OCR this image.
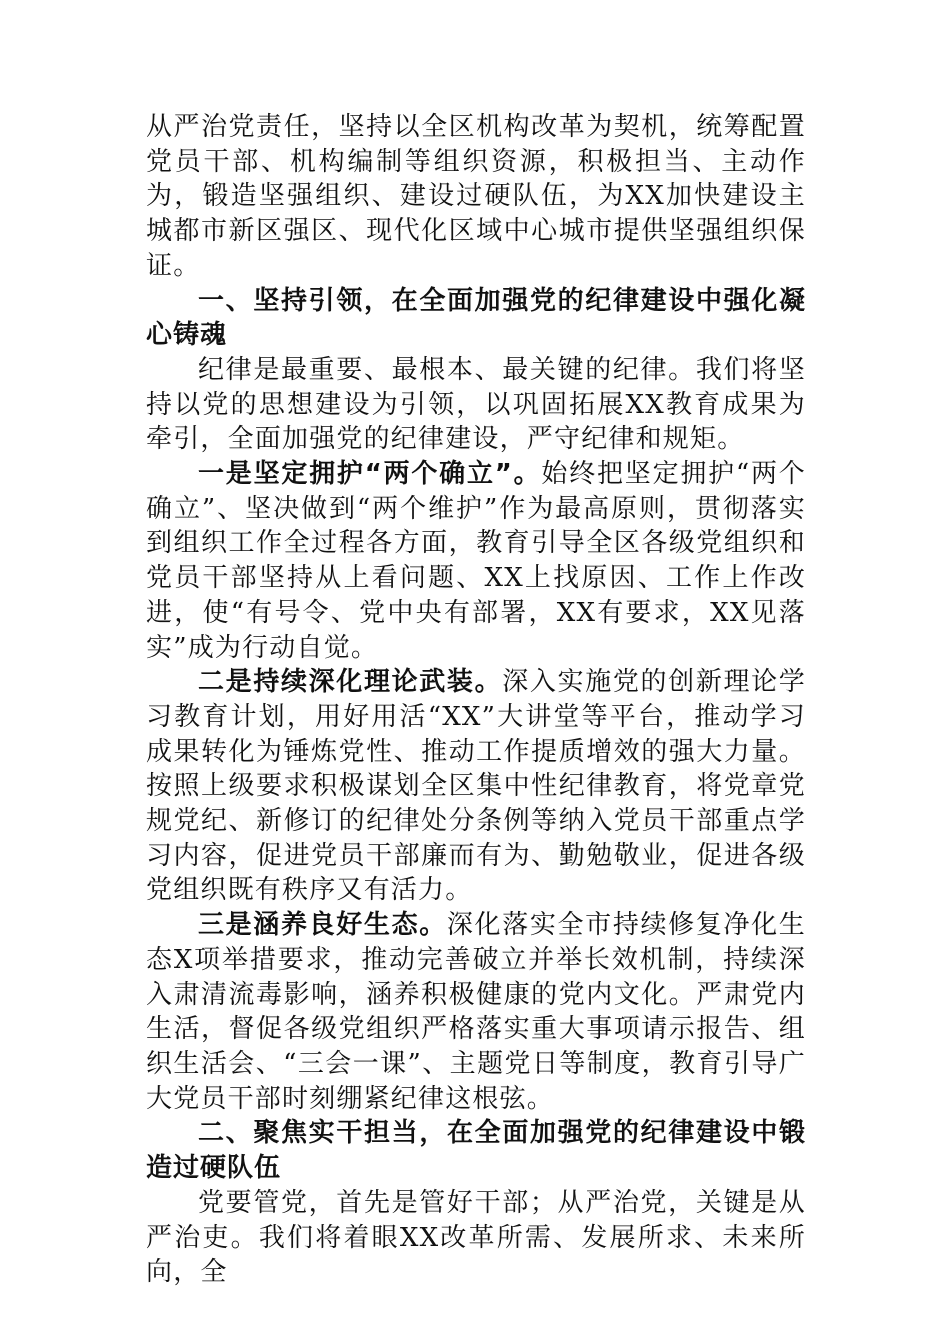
从严治党责任，坚持以全区机构改革为契机，统筹配置党员干部、机构编制等组织资源，积极担当、主动作为，锻造坚强组织、建设过硬队伍，为XX加快建设主城都市新区强区、现代化区域中心城市提供坚强组织保证。

一、坚持引领，在全面加强党的纪律建设中强化凝心铸魂

纪律是最重要、最根本、最关键的纪律。我们将坚持以党的思想建设为引领，以巩固拓展XX教育成果为牵引，全面加强党的纪律建设，严守纪律和规矩。

一是坚定拥护“两个确立”。始终把坚定拥护“两个确立”、坚决做到“两个维护”作为最高原则，贯彻落实到组织工作全过程各方面，教育引导全区各级党组织和党员干部坚持从上看问题、XX上找原因、工作上作改进，使“有号令、党中央有部署，XX有要求，XX见落实”成为行动自觉。

二是持续深化理论武装。深入实施党的创新理论学习教育计划，用好用活“XX”大讲堂等平台，推动学习成果转化为锤炼党性、推动工作提质增效的强大力量。按照上级要求积极谋划全区集中性纪律教育，将党章党规党纪、新修订的纪律处分条例等纳入党员干部重点学习内容，促进党员干部廉而有为、勤勉敬业，促进各级党组织既有秩序又有活力。

三是涵养良好生态。深化落实全市持续修复净化生态X项举措要求，推动完善破立并举长效机制，持续深入肃清流毒影响，涵养积极健康的党内文化。严肃党内生活，督促各级党组织严格落实重大事项请示报告、组织生活会、“三会一课”、主题党日等制度，教育引导广大党员干部时刻绷紧纪律这根弦。

二、聚焦实干担当，在全面加强党的纪律建设中锻造过硬队伍

党要管党，首先是管好干部；从严治党，关键是从严治吏。我们将着眼XX改革所需、发展所求、未来所向，全
